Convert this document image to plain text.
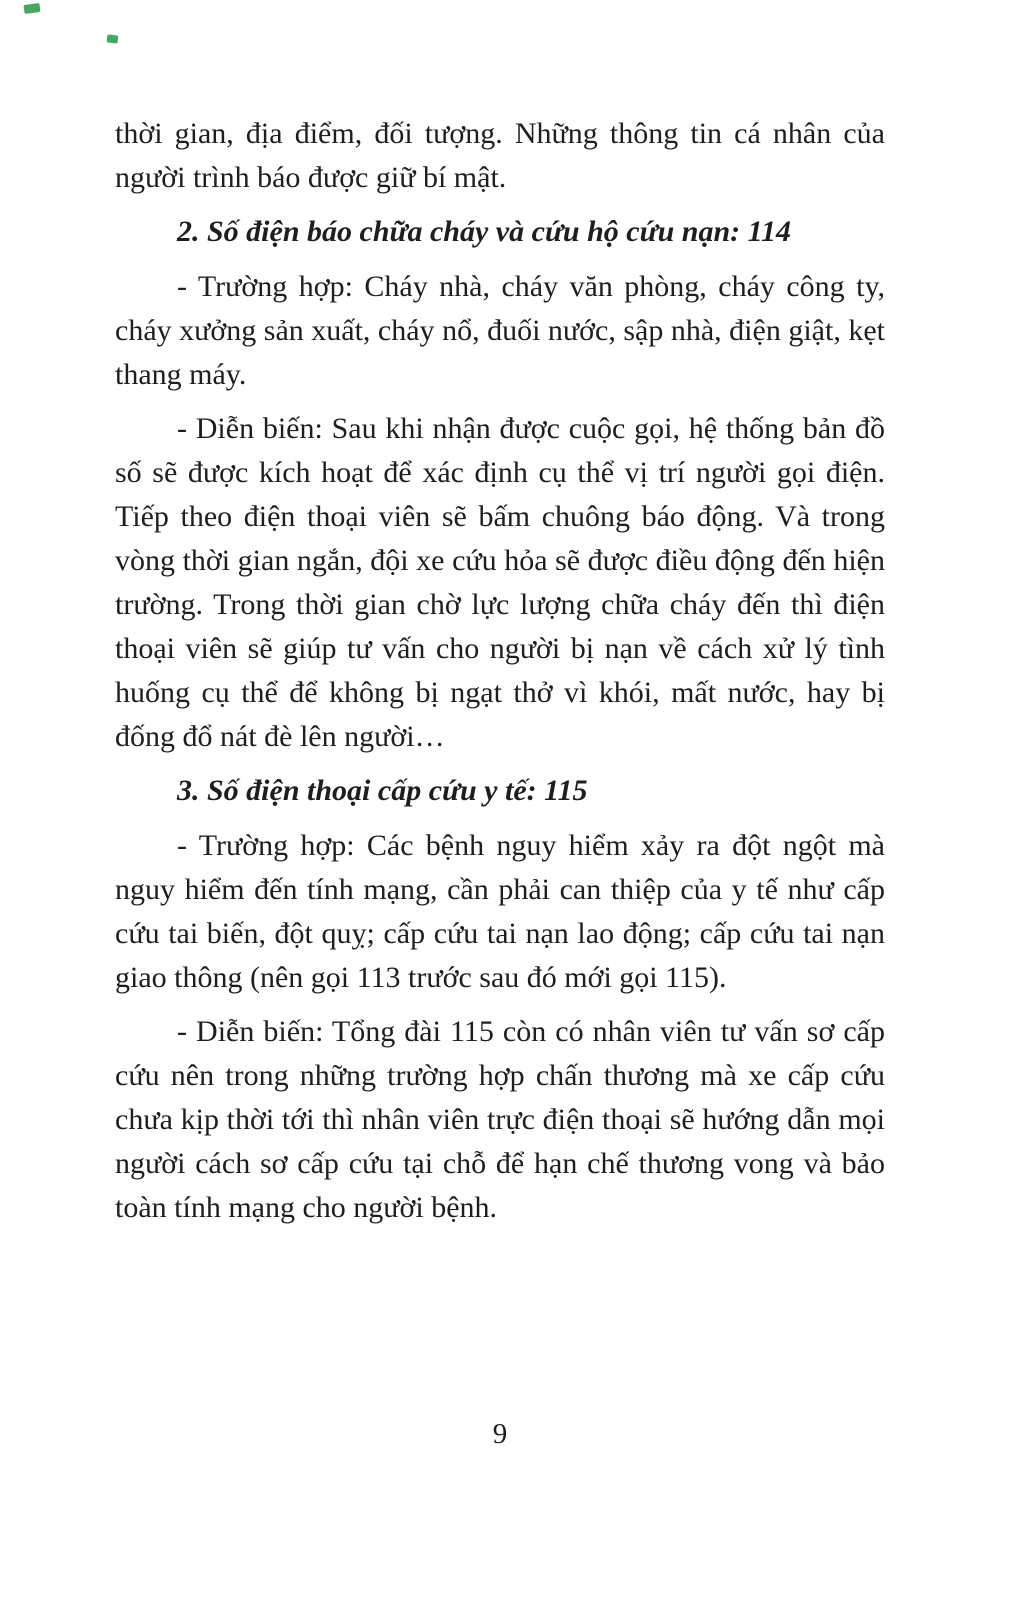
thời gian, địa điểm, đối tượng. Những thông tin cá nhân của người trình báo được giữ bí mật.

2. Số điện báo chữa cháy và cứu hộ cứu nạn: 114

- Trường hợp: Cháy nhà, cháy văn phòng, cháy công ty, cháy xưởng sản xuất, cháy nổ, đuối nước, sập nhà, điện giật, kẹt thang máy.

- Diễn biến: Sau khi nhận được cuộc gọi, hệ thống bản đồ số sẽ được kích hoạt để xác định cụ thể vị trí người gọi điện. Tiếp theo điện thoại viên sẽ bấm chuông báo động. Và trong vòng thời gian ngắn, đội xe cứu hỏa sẽ được điều động đến hiện trường. Trong thời gian chờ lực lượng chữa cháy đến thì điện thoại viên sẽ giúp tư vấn cho người bị nạn về cách xử lý tình huống cụ thể để không bị ngạt thở vì khói, mất nước, hay bị đống đổ nát đè lên người…

3. Số điện thoại cấp cứu y tế: 115

- Trường hợp: Các bệnh nguy hiểm xảy ra đột ngột mà nguy hiểm đến tính mạng, cần phải can thiệp của y tế như cấp cứu tai biến, đột quỵ; cấp cứu tai nạn lao động; cấp cứu tai nạn giao thông (nên gọi 113 trước sau đó mới gọi 115).

- Diễn biến: Tổng đài 115 còn có nhân viên tư vấn sơ cấp cứu nên trong những trường hợp chấn thương mà xe cấp cứu chưa kịp thời tới thì nhân viên trực điện thoại sẽ hướng dẫn mọi người cách sơ cấp cứu tại chỗ để hạn chế thương vong và bảo toàn tính mạng cho người bệnh.

9
